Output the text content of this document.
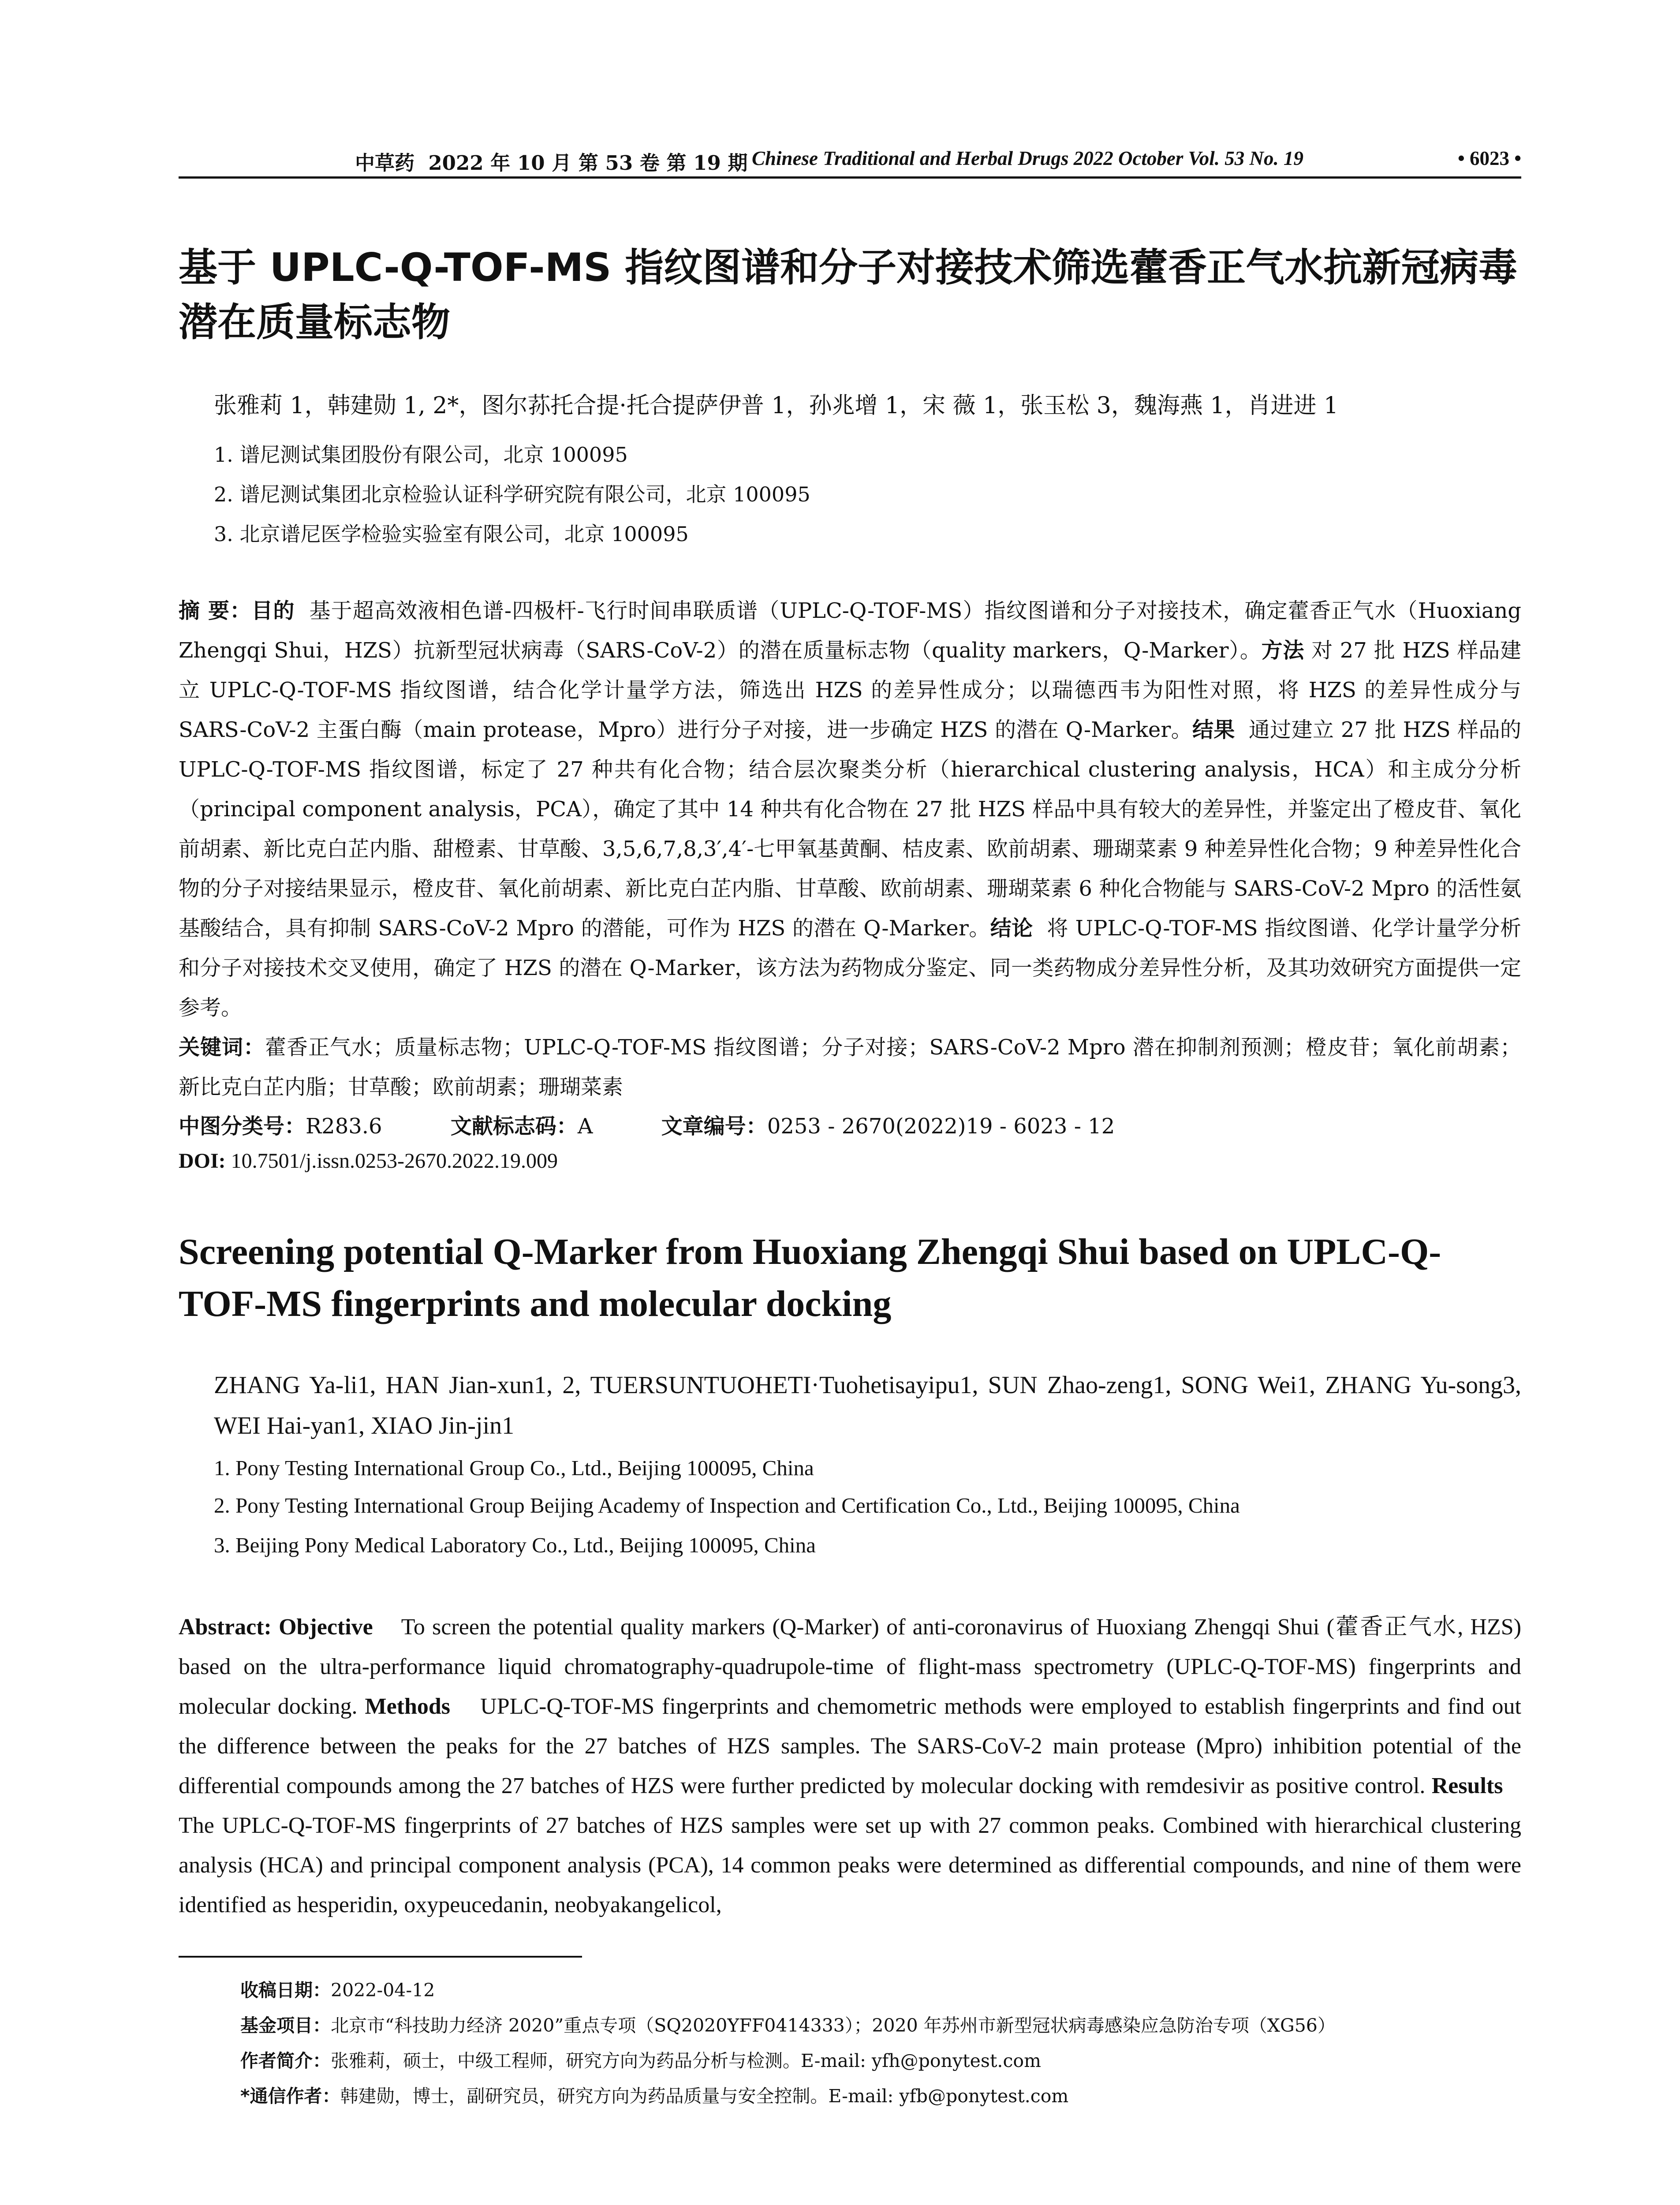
中草药 2022 年 10 月 第 53 卷 第 19 期 Chinese Traditional and Herbal Drugs 2022 October Vol. 53 No. 19	• 6023 •
基于 UPLC-Q-TOF-MS 指纹图谱和分子对接技术筛选藿香正气水抗新冠病毒潜在质量标志物
张雅莉 1，韩建勋 1, 2*，图尔荪托合提·托合提萨伊普 1，孙兆增 1，宋 薇 1，张玉松 3，魏海燕 1，肖进进 1
1. 谱尼测试集团股份有限公司，北京 100095
2. 谱尼测试集团北京检验认证科学研究院有限公司，北京 100095
3. 北京谱尼医学检验实验室有限公司，北京 100095
摘 要：目的 基于超高效液相色谱-四极杆-飞行时间串联质谱（UPLC-Q-TOF-MS）指纹图谱和分子对接技术，确定藿香正气水（Huoxiang Zhengqi Shui，HZS）抗新型冠状病毒（SARS-CoV-2）的潜在质量标志物（quality markers，Q-Marker）。方法 对 27 批 HZS 样品建立 UPLC-Q-TOF-MS 指纹图谱，结合化学计量学方法，筛选出 HZS 的差异性成分；以瑞德西韦为阳性对照，将 HZS 的差异性成分与 SARS-CoV-2 主蛋白酶（main protease，Mpro）进行分子对接，进一步确定 HZS 的潜在 Q-Marker。结果 通过建立 27 批 HZS 样品的 UPLC-Q-TOF-MS 指纹图谱，标定了 27 种共有化合物；结合层次聚类分析（hierarchical clustering analysis，HCA）和主成分分析（principal component analysis，PCA），确定了其中 14 种共有化合物在 27 批 HZS 样品中具有较大的差异性，并鉴定出了橙皮苷、氧化前胡素、新比克白芷内脂、甜橙素、甘草酸、3,5,6,7,8,3′,4′-七甲氧基黄酮、桔皮素、欧前胡素、珊瑚菜素 9 种差异性化合物；9 种差异性化合物的分子对接结果显示，橙皮苷、氧化前胡素、新比克白芷内脂、甘草酸、欧前胡素、珊瑚菜素 6 种化合物能与 SARS-CoV-2 Mpro 的活性氨基酸结合，具有抑制 SARS-CoV-2 Mpro 的潜能，可作为 HZS 的潜在 Q-Marker。结论 将 UPLC-Q-TOF-MS 指纹图谱、化学计量学分析和分子对接技术交叉使用，确定了 HZS 的潜在 Q-Marker，该方法为药物成分鉴定、同一类药物成分差异性分析，及其功效研究方面提供一定参考。
关键词：藿香正气水；质量标志物；UPLC-Q-TOF-MS 指纹图谱；分子对接；SARS-CoV-2 Mpro 潜在抑制剂预测；橙皮苷；氧化前胡素；新比克白芷内脂；甘草酸；欧前胡素；珊瑚菜素
中图分类号：R283.6	文献标志码：A	文章编号：0253 - 2670(2022)19 - 6023 - 12
DOI: 10.7501/j.issn.0253-2670.2022.19.009
Screening potential Q-Marker from Huoxiang Zhengqi Shui based on UPLC-Q-TOF-MS fingerprints and molecular docking
ZHANG Ya-li1, HAN Jian-xun1, 2, TUERSUNTUOHETI·Tuohetisayipu1, SUN Zhao-zeng1, SONG Wei1, ZHANG Yu-song3, WEI Hai-yan1, XIAO Jin-jin1
1. Pony Testing International Group Co., Ltd., Beijing 100095, China
2. Pony Testing International Group Beijing Academy of Inspection and Certification Co., Ltd., Beijing 100095, China
3. Beijing Pony Medical Laboratory Co., Ltd., Beijing 100095, China
Abstract: Objective To screen the potential quality markers (Q-Marker) of anti-coronavirus of Huoxiang Zhengqi Shui (藿香正气水, HZS) based on the ultra-performance liquid chromatography-quadrupole-time of flight-mass spectrometry (UPLC-Q-TOF-MS) fingerprints and molecular docking. Methods UPLC-Q-TOF-MS fingerprints and chemometric methods were employed to establish fingerprints and find out the difference between the peaks for the 27 batches of HZS samples. The SARS-CoV-2 main protease (Mpro) inhibition potential of the differential compounds among the 27 batches of HZS were further predicted by molecular docking with remdesivir as positive control. Results    The UPLC-Q-TOF-MS fingerprints of 27 batches of HZS samples were set up with 27 common peaks. Combined with hierarchical clustering analysis (HCA) and principal component analysis (PCA), 14 common peaks were determined as differential compounds, and nine of them were identified as hesperidin, oxypeucedanin, neobyakangelicol,
收稿日期：2022-04-12
基金项目：北京市“科技助力经济 2020”重点专项（SQ2020YFF0414333）；2020 年苏州市新型冠状病毒感染应急防治专项（XG56）
作者简介：张雅莉，硕士，中级工程师，研究方向为药品分析与检测。E-mail: yfh@ponytest.com
*通信作者：韩建勋，博士，副研究员，研究方向为药品质量与安全控制。E-mail: yfb@ponytest.com
